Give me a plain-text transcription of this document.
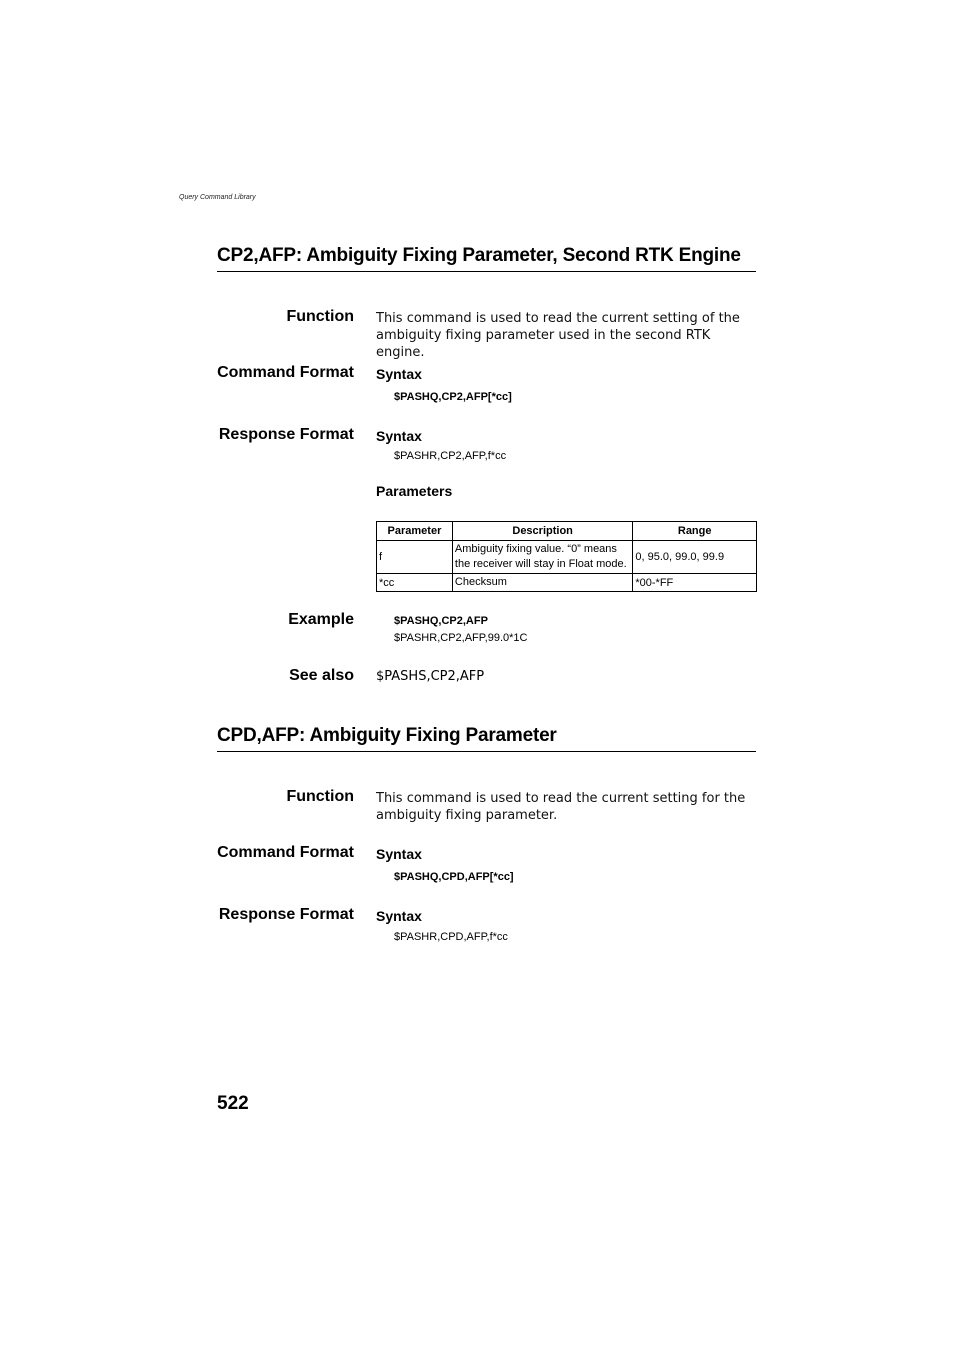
Query Command Library
CP2,AFP: Ambiguity Fixing Parameter, Second RTK Engine
Function This command is used to read the current setting of the ambiguity fixing parameter used in the second RTK engine.
Command Format Syntax
$PASHQ,CP2,AFP[*cc]
Response Format Syntax
$PASHR,CP2,AFP,f*cc
Parameters
Parameter	Description	Range
f	Ambiguity fixing value. “0” means the receiver will stay in Float mode.	0, 95.0, 99.0, 99.9
*cc	Checksum	*00-*FF
Example	$PASHQ,CP2,AFP
$PASHR,CP2,AFP,99.0*1C
See also $PASHS,CP2,AFP
CPD,AFP: Ambiguity Fixing Parameter
Function This command is used to read the current setting for the ambiguity fixing parameter.
Command Format Syntax
$PASHQ,CPD,AFP[*cc]
Response Format Syntax
$PASHR,CPD,AFP,f*cc
522
